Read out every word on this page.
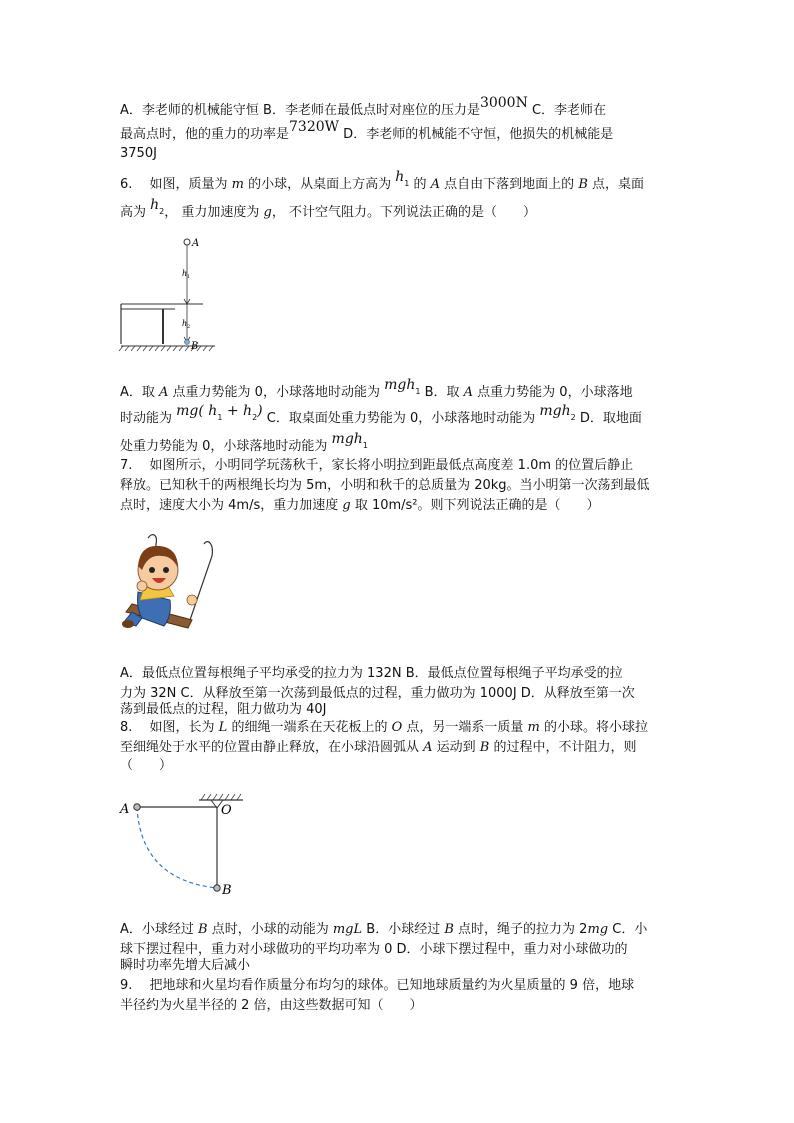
A．李老师的机械能守恒 B．李老师在最低点时对座位的压力是3000N C．李老师在
最高点时，他的重力的功率是7320W D．李老师的机械能不守恒，他损失的机械能是
3750J
6.　 如图，质量为 m 的小球，从桌面上方高为 $h_1$ 的 A 点自由下落到地面上的 B 点，桌面
高为 $h_2$， 重力加速度为 g， 不计空气阻力。下列说法正确的是（　　）
A
B
h 1
h 2
A．取 A 点重力势能为 0，小球落地时动能为 mgh$_1$ B．取 A 点重力势能为 0，小球落地
时动能为 mg( $h_1 + h_2$) C．取桌面处重力势能为 0，小球落地时动能为 mgh$_2$ D．取地面
处重力势能为 0，小球落地时动能为 mgh$_1$
7.　 如图所示，小明同学玩荡秋千，家长将小明拉到距最低点高度差 1.0m 的位置后静止
释放。已知秋千的两根绳长均为 5m，小明和秋千的总质量为 20kg。当小明第一次荡到最低
点时，速度大小为 4m/s，重力加速度 g 取 10m/s²。则下列说法正确的是（　　）
A．最低点位置每根绳子平均承受的拉力为 132N B．最低点位置每根绳子平均承受的拉
力为 32N C．从释放至第一次荡到最低点的过程，重力做功为 1000J D．从释放至第一次
荡到最低点的过程，阻力做功为 40J
8.　 如图，长为 L 的细绳一端系在天花板上的 O 点，另一端系一质量 m 的小球。将小球拉
至细绳处于水平的位置由静止释放，在小球沿圆弧从 A 运动到 B 的过程中，不计阻力，则
（　　）
A	O
B
A．小球经过 B 点时，小球的动能为 mgL B．小球经过 B 点时，绳子的拉力为 2mg C．小
球下摆过程中，重力对小球做功的平均功率为 0 D．小球下摆过程中，重力对小球做功的
瞬时功率先增大后减小
9.　 把地球和火星均看作质量分布均匀的球体。已知地球质量约为火星质量的 9 倍，地球
半径约为火星半径的 2 倍，由这些数据可知（　　）
